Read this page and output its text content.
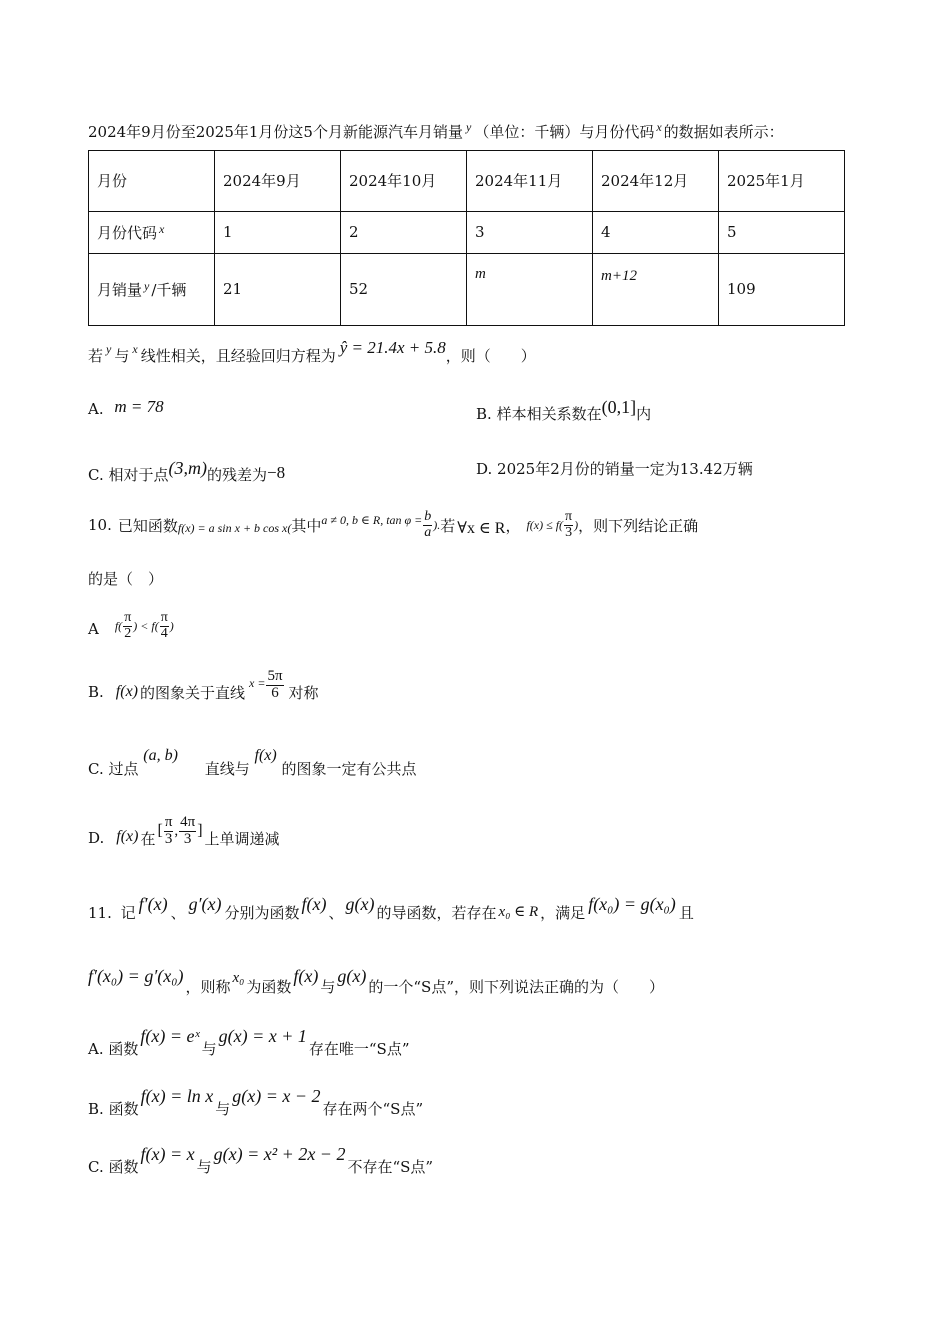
2024年9月份至2025年1月份这5个月新能源汽车月销量 $^y$ （单位：千辆）与月份代码 $^x$ 的数据如表所示：
月份	2024年9月	2024年10月	2024年11月	2024年12月	2025年1月
月份代码 $^x$	1	2	3	4	5
月销量 $^y$ /千辆	21	52	m	m+12	109
若 $^y$ 与 $^x$ 线性相关，且经验回归方程为 ŷ = 21.4x + 5.8，则（　　）
A. m = 78	B. 样本相关系数在(0,1]内
C. 相对于点(3,m)的残差为−8	D. 2025年2月份的销量一定为13.42万辆
10. 已知函数 f(x) = a sin x + b cos x( 其中 a ≠ 0, b ∈ R, $\tan \varphi = \frac{b}{a}$ ). 若 ∀x ∈ R ， $f(x) \le f( \frac{\pi}{3}$ ) ，则下列结论正确
的是（　）
A $f( \frac{\pi}{2}$ ) < $f( \frac{\pi}{4}$ )
B. f(x) 的图象关于直线
$x = \frac{5\pi}{6}$ 对称
C. 过点 (a, b) 直线与 f(x) 的图象一定有公共点
D. f(x) 在 [ $\frac{\pi}{3}$ , $\frac{4\pi}{3}$ ] 上单调递减
11. 记 f′(x) 、 g′(x) 分别为函数 f(x) 、 g(x) 的导函数，若存在 x₀ ∈ R ，满足 f(x₀) = g(x₀) 且
f′(x₀) = g′(x₀)，则称 x₀ 为函数f(x)与g(x)的一个“S点”，则下列说法正确的为（　　）
A. 函数f(x) = eˣ与g(x) = x + 1存在唯一“S点”
B. 函数f(x) = ln x与g(x) = x − 2存在两个“S点”
C. 函数f(x) = x与g(x) = x² + 2x − 2不存在“S点”
